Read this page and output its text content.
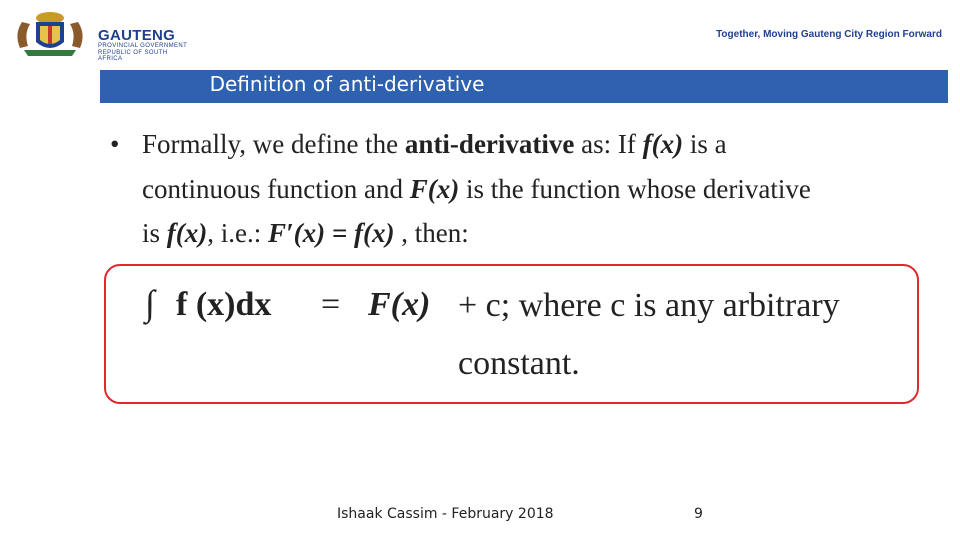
GAUTENG
PROVINCIAL GOVERNMENT
REPUBLIC OF SOUTH AFRICA
Together, Moving Gauteng City Region Forward
Definition of anti-derivative
• Formally, we define the anti-derivative as: If f(x) is a
continuous function and F(x) is the function whose derivative
is f(x), i.e.: F′(x) = f(x) , then:
∫ f (x)dx = F(x) + c; where c is any arbitrary
constant.
Ishaak Cassim - February 2018	9
